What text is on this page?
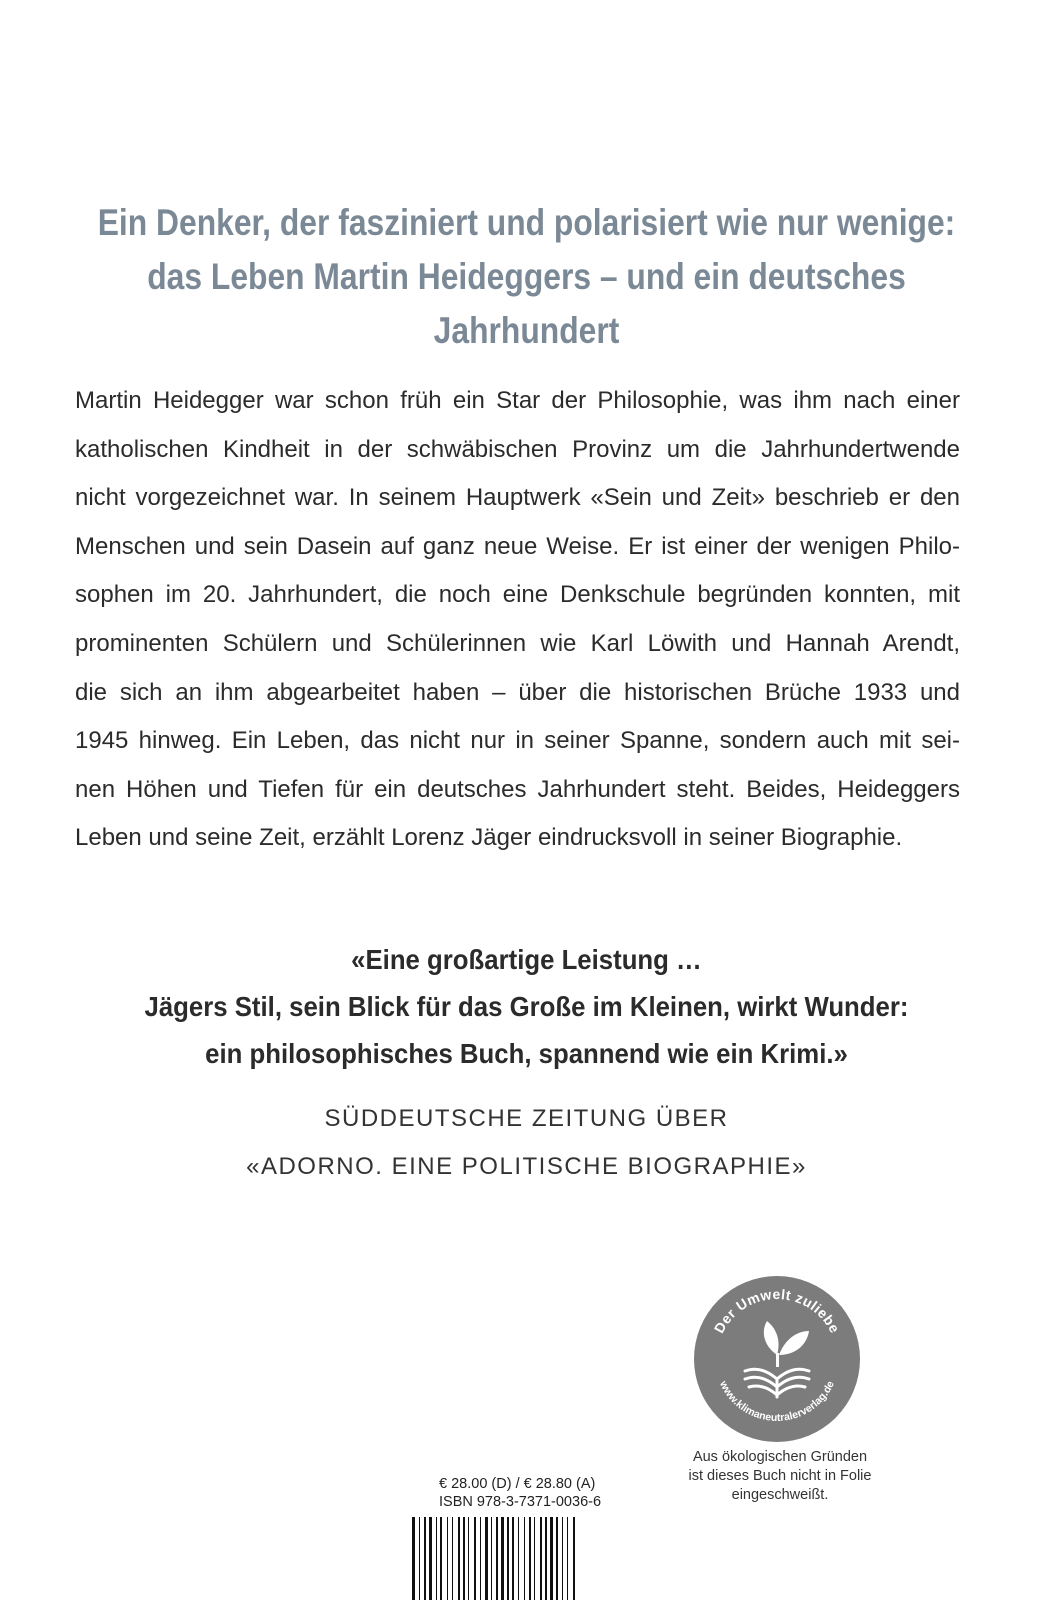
Ein Denker, der fasziniert und polarisiert wie nur wenige:
das Leben Martin Heideggers – und ein deutsches Jahrhundert
Martin Heidegger war schon früh ein Star der Philosophie, was ihm nach einer
katholischen Kindheit in der schwäbischen Provinz um die Jahrhundertwende
nicht vorgezeichnet war. In seinem Hauptwerk «Sein und Zeit» beschrieb er den
Menschen und sein Dasein auf ganz neue Weise. Er ist einer der wenigen Philo-
sophen im 20. Jahrhundert, die noch eine Denkschule begründen konnten, mit
prominenten Schülern und Schülerinnen wie Karl Löwith und Hannah Arendt,
die sich an ihm abgearbeitet haben – über die historischen Brüche 1933 und
1945 hinweg. Ein Leben, das nicht nur in seiner Spanne, sondern auch mit sei-
nen Höhen und Tiefen für ein deutsches Jahrhundert steht. Beides, Heideggers
Leben und seine Zeit, erzählt Lorenz Jäger eindrucksvoll in seiner Biographie.
«Eine großartige Leistung …
Jägers Stil, sein Blick für das Große im Kleinen, wirkt Wunder:
ein philosophisches Buch, spannend wie ein Krimi.»
SÜDDEUTSCHE ZEITUNG ÜBER
«ADORNO. EINE POLITISCHE BIOGRAPHIE»
Der Umwelt zuliebe
www.klimaneutralerverlag.de
Aus ökologischen Gründen
ist dieses Buch nicht in Folie
eingeschweißt.
€ 28.00 (D) / € 28.80 (A)
ISBN 978-3-7371-0036-6
